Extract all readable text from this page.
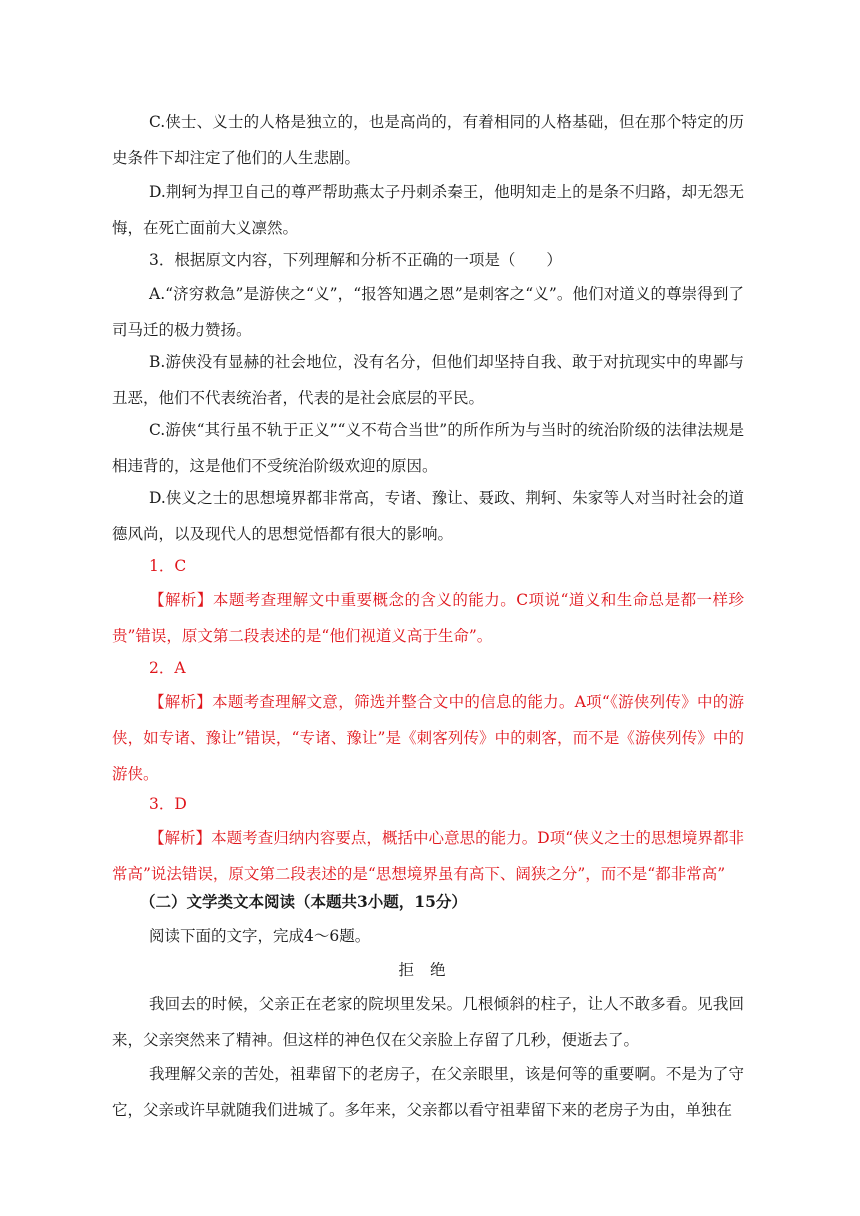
C.侠士、义士的人格是独立的，也是高尚的，有着相同的人格基础，但在那个特定的历史条件下却注定了他们的人生悲剧。
D.荆轲为捍卫自己的尊严帮助燕太子丹刺杀秦王，他明知走上的是条不归路，却无怨无悔，在死亡面前大义凛然。
3．根据原文内容，下列理解和分析不正确的一项是（　　）
A.“济穷救急”是游侠之“义”，“报答知遇之恩”是刺客之“义”。他们对道义的尊崇得到了司马迁的极力赞扬。
B.游侠没有显赫的社会地位，没有名分，但他们却坚持自我、敢于对抗现实中的卑鄙与丑恶，他们不代表统治者，代表的是社会底层的平民。
C.游侠“其行虽不轨于正义”“义不苟合当世”的所作所为与当时的统治阶级的法律法规是相违背的，这是他们不受统治阶级欢迎的原因。
D.侠义之士的思想境界都非常高，专诸、豫让、聂政、荆轲、朱家等人对当时社会的道德风尚，以及现代人的思想觉悟都有很大的影响。
1．C
【解析】本题考查理解文中重要概念的含义的能力。C项说“道义和生命总是都一样珍贵”错误，原文第二段表述的是“他们视道义高于生命”。
2．A
【解析】本题考查理解文意，筛选并整合文中的信息的能力。A项“《游侠列传》中的游侠，如专诸、豫让”错误，“专诸、豫让”是《刺客列传》中的刺客，而不是《游侠列传》中的游侠。
3．D
【解析】本题考查归纳内容要点，概括中心意思的能力。D项“侠义之士的思想境界都非常高”说法错误，原文第二段表述的是“思想境界虽有高下、阔狭之分”，而不是“都非常高”
（二）文学类文本阅读（本题共3小题，15分）
阅读下面的文字，完成4～6题。
拒绝
我回去的时候，父亲正在老家的院坝里发呆。几根倾斜的柱子，让人不敢多看。见我回来，父亲突然来了精神。但这样的神色仅在父亲脸上存留了几秒，便逝去了。
我理解父亲的苦处，祖辈留下的老房子，在父亲眼里，该是何等的重要啊。不是为了守它，父亲或许早就随我们进城了。多年来，父亲都以看守祖辈留下来的老房子为由，单独在
